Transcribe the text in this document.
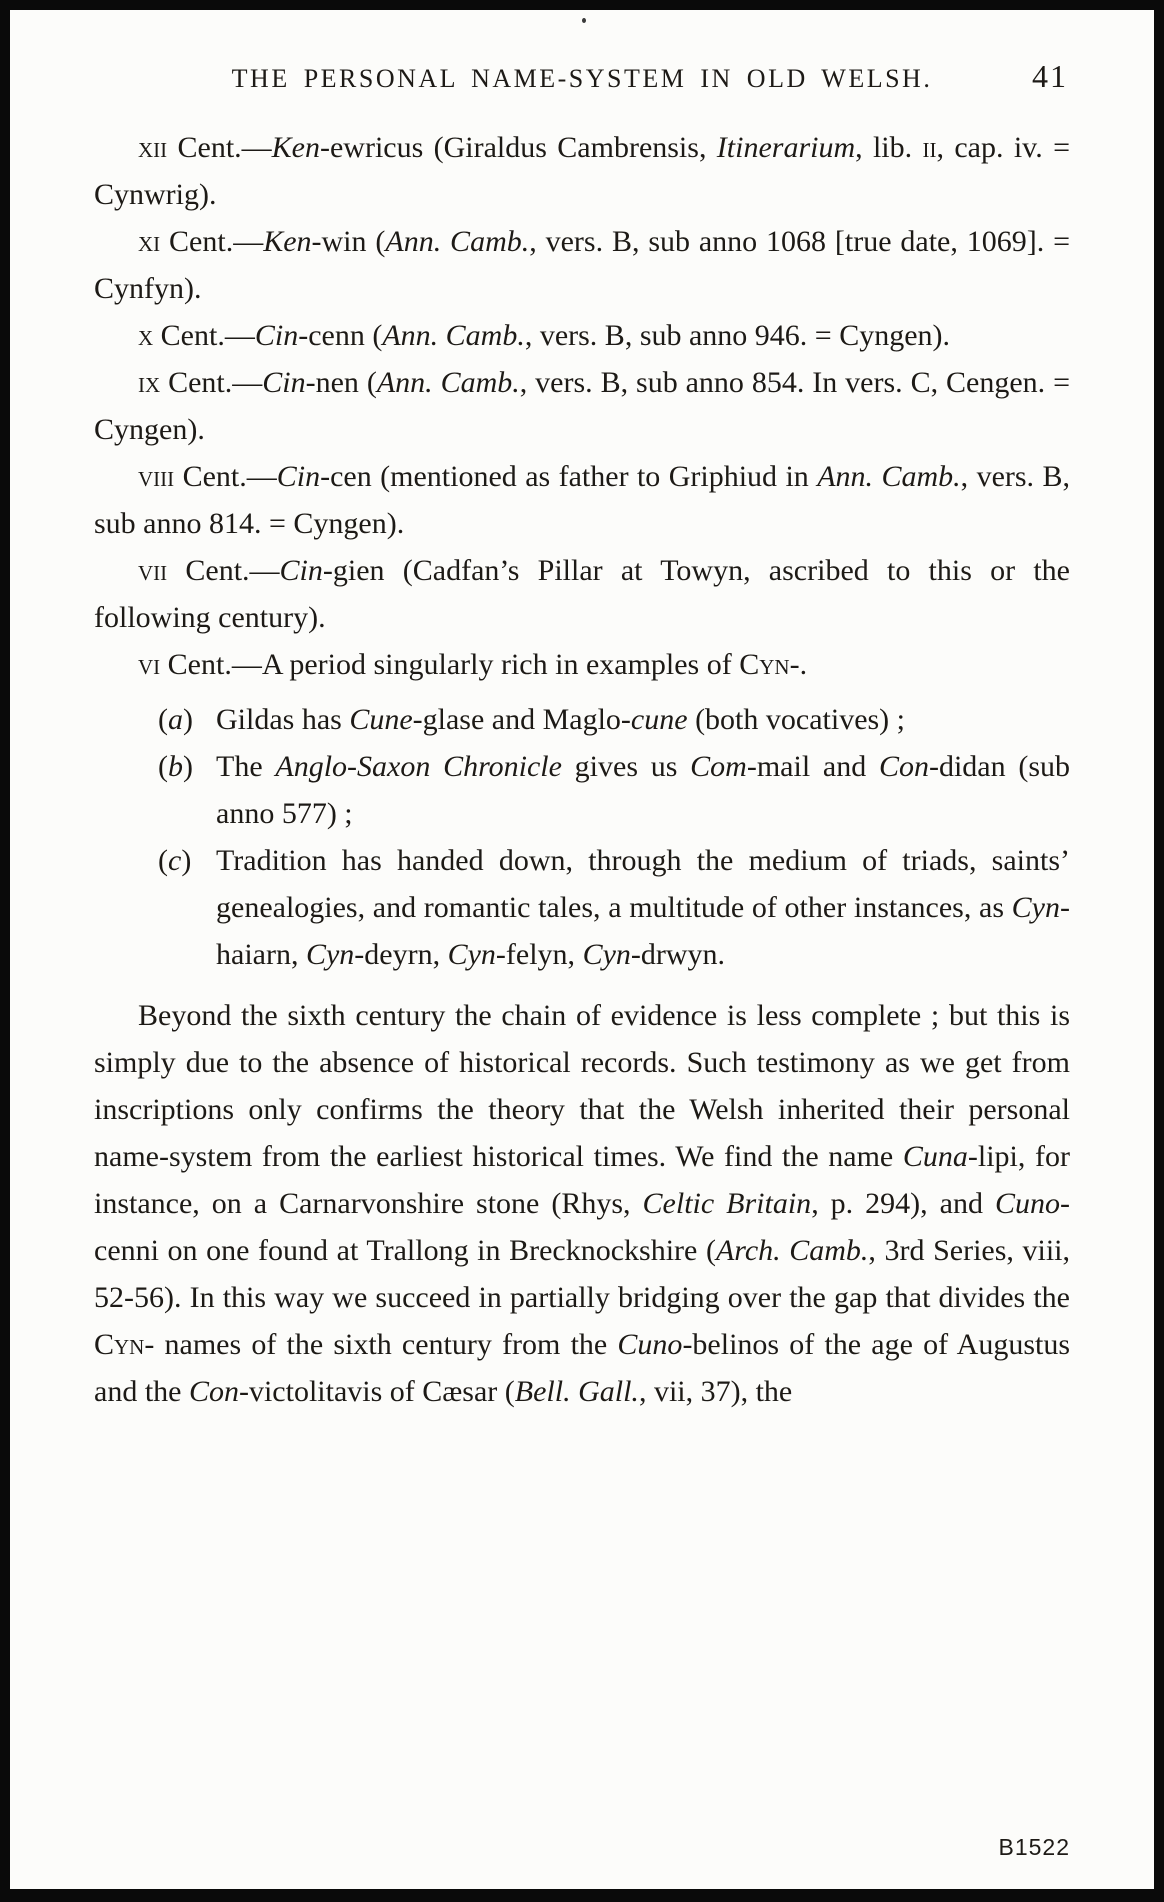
THE PERSONAL NAME-SYSTEM IN OLD WELSH.	41

xii Cent.—Ken-ewricus (Giraldus Cambrensis, Itinerarium, lib. ii, cap. iv. = Cynwrig).

xi Cent.—Ken-win (Ann. Camb., vers. B, sub anno 1068 [true date, 1069]. = Cynfyn).

x Cent.—Cin-cenn (Ann. Camb., vers. B, sub anno 946. = Cyngen).

ix Cent.—Cin-nen (Ann. Camb., vers. B, sub anno 854. In vers. C, Cengen. = Cyngen).

viii Cent.—Cin-cen (mentioned as father to Griphiud in Ann. Camb., vers. B, sub anno 814. = Cyngen).

vii Cent.—Cin-gien (Cadfan’s Pillar at Towyn, ascribed to this or the following century).

vi Cent.—A period singularly rich in examples of Cyn-.

(a) Gildas has Cune-glase and Maglo-cune (both vocatives) ;
(b) The Anglo-Saxon Chronicle gives us Com-mail and Con-didan (sub anno 577) ;
(c) Tradition has handed down, through the medium of triads, saints’ genealogies, and romantic tales, a multitude of other instances, as Cyn-haiarn, Cyn-deyrn, Cyn-felyn, Cyn-drwyn.

Beyond the sixth century the chain of evidence is less complete ; but this is simply due to the absence of historical records. Such testimony as we get from inscriptions only confirms the theory that the Welsh inherited their personal name-system from the earliest historical times. We find the name Cuna-lipi, for instance, on a Carnarvonshire stone (Rhys, Celtic Britain, p. 294), and Cuno-cenni on one found at Trallong in Brecknockshire (Arch. Camb., 3rd Series, viii, 52-56). In this way we succeed in partially bridging over the gap that divides the Cyn- names of the sixth century from the Cuno-belinos of the age of Augustus and the Con-victolitavis of Cæsar (Bell. Gall., vii, 37), the

B1522
